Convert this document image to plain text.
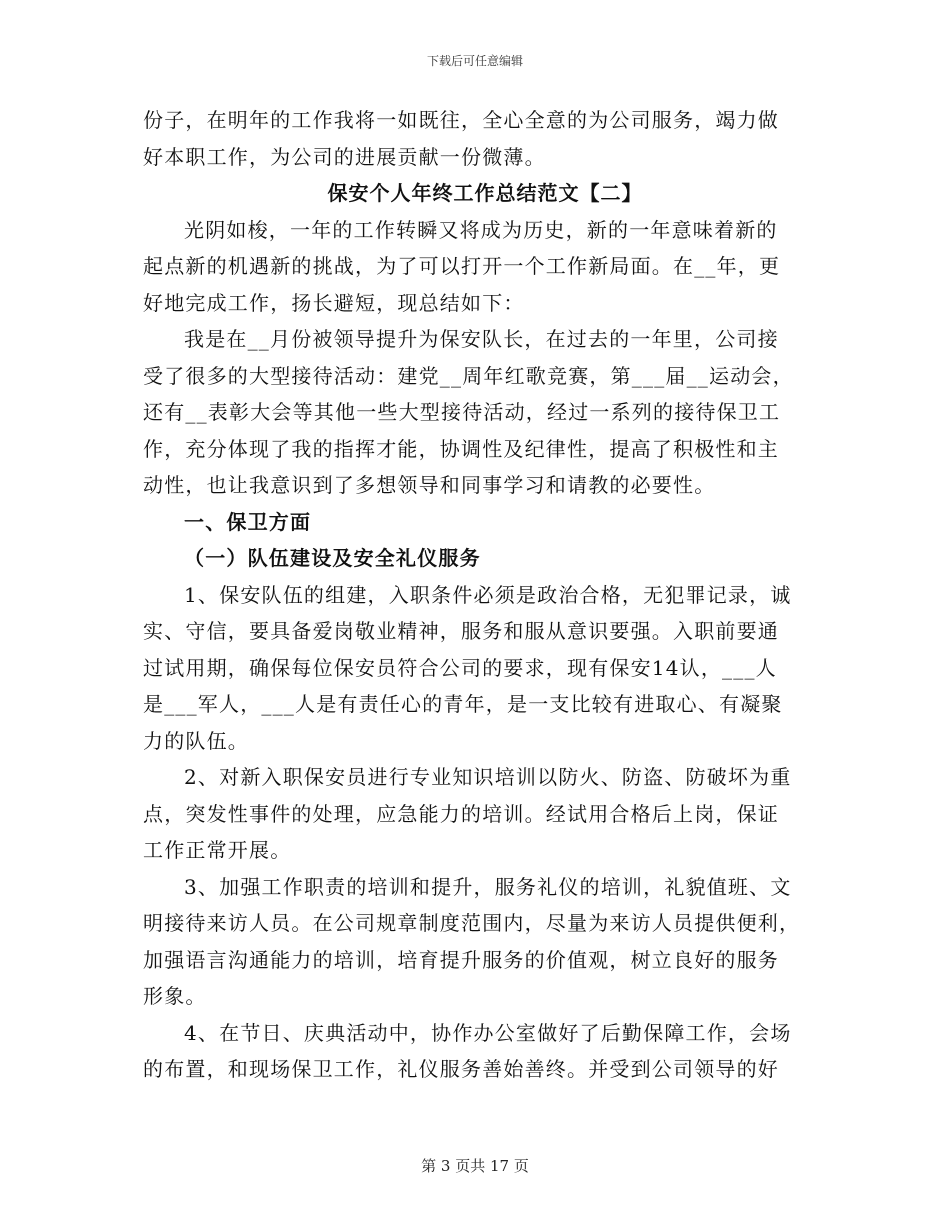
下载后可任意编辑
份子，在明年的工作我将一如既往，全心全意的为公司服务，竭力做
好本职工作，为公司的进展贡献一份微薄。
保安个人年终工作总结范文【二】
光阴如梭，一年的工作转瞬又将成为历史，新的一年意味着新的
起点新的机遇新的挑战，为了可以打开一个工作新局面。在__年，更
好地完成工作，扬长避短，现总结如下：
我是在__月份被领导提升为保安队长，在过去的一年里，公司接
受了很多的大型接待活动：建党__周年红歌竞赛，第___届__运动会，
还有__表彰大会等其他一些大型接待活动，经过一系列的接待保卫工
作，充分体现了我的指挥才能，协调性及纪律性，提高了积极性和主
动性，也让我意识到了多想领导和同事学习和请教的必要性。
一、保卫方面
（一）队伍建设及安全礼仪服务
1、保安队伍的组建，入职条件必须是政治合格，无犯罪记录，诚
实、守信，要具备爱岗敬业精神，服务和服从意识要强。入职前要通
过试用期，确保每位保安员符合公司的要求，现有保安14认，___人
是___军人，___人是有责任心的青年，是一支比较有进取心、有凝聚
力的队伍。
2、对新入职保安员进行专业知识培训以防火、防盗、防破坏为重
点，突发性事件的处理，应急能力的培训。经试用合格后上岗，保证
工作正常开展。
3、加强工作职责的培训和提升，服务礼仪的培训，礼貌值班、文
明接待来访人员。在公司规章制度范围内，尽量为来访人员提供便利，
加强语言沟通能力的培训，培育提升服务的价值观，树立良好的服务
形象。
4、在节日、庆典活动中，协作办公室做好了后勤保障工作，会场
的布置，和现场保卫工作，礼仪服务善始善终。并受到公司领导的好
第 3 页共 17 页
